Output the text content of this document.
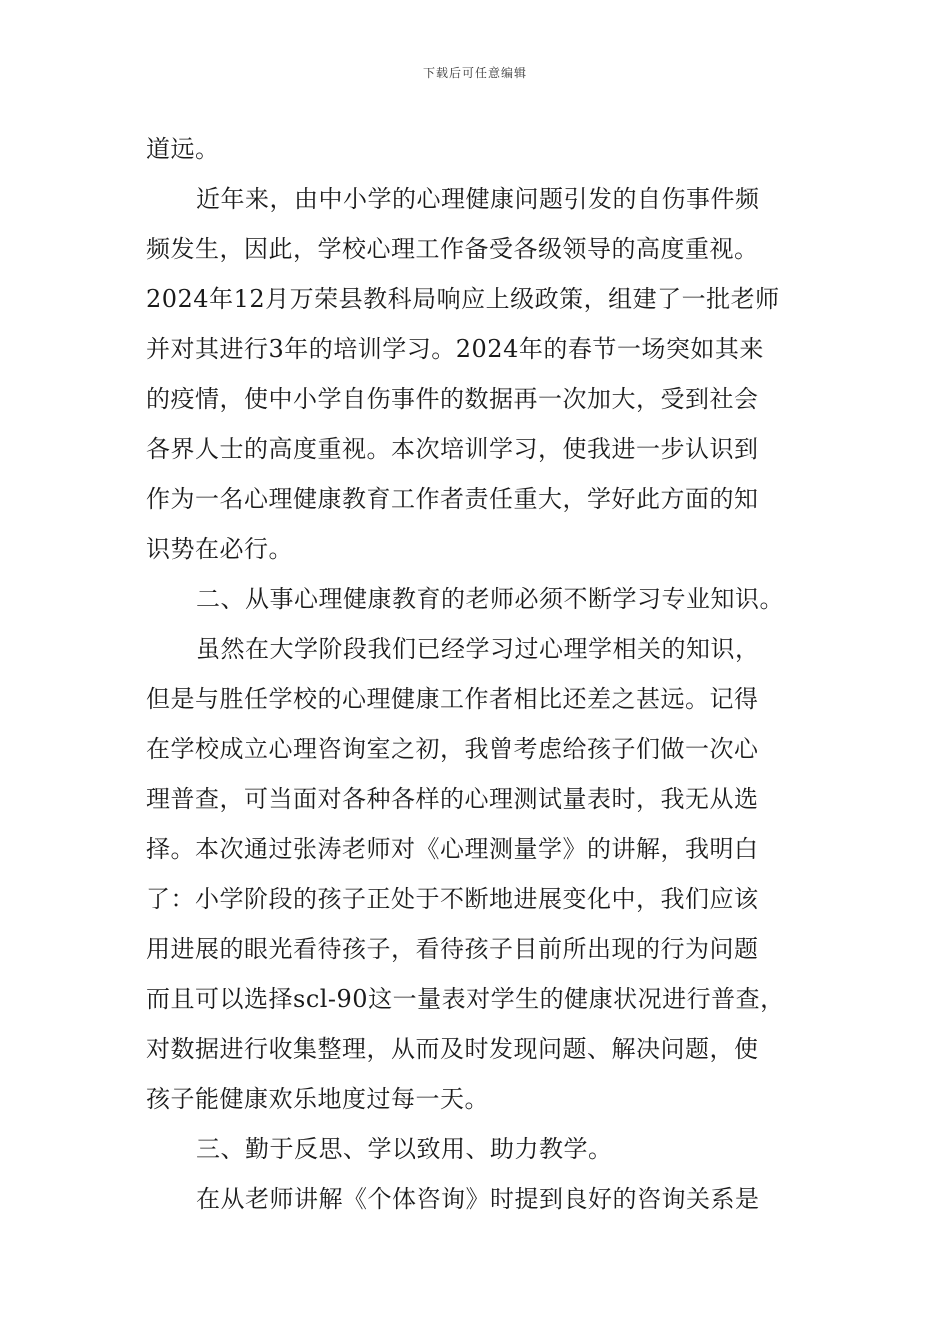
下载后可任意编辑
道远。
近年来，由中小学的心理健康问题引发的自伤事件频
频发生，因此，学校心理工作备受各级领导的高度重视。
2024年12月万荣县教科局响应上级政策，组建了一批老师
并对其进行3年的培训学习。2024年的春节一场突如其来
的疫情，使中小学自伤事件的数据再一次加大，受到社会
各界人士的高度重视。本次培训学习，使我进一步认识到
作为一名心理健康教育工作者责任重大，学好此方面的知
识势在必行。
二、从事心理健康教育的老师必须不断学习专业知识。
虽然在大学阶段我们已经学习过心理学相关的知识，
但是与胜任学校的心理健康工作者相比还差之甚远。记得
在学校成立心理咨询室之初，我曾考虑给孩子们做一次心
理普查，可当面对各种各样的心理测试量表时，我无从选
择。本次通过张涛老师对《心理测量学》的讲解，我明白
了：小学阶段的孩子正处于不断地进展变化中，我们应该
用进展的眼光看待孩子，看待孩子目前所出现的行为问题
而且可以选择scl-90这一量表对学生的健康状况进行普查，
对数据进行收集整理，从而及时发现问题、解决问题，使
孩子能健康欢乐地度过每一天。
三、勤于反思、学以致用、助力教学。
在从老师讲解《个体咨询》时提到良好的咨询关系是
